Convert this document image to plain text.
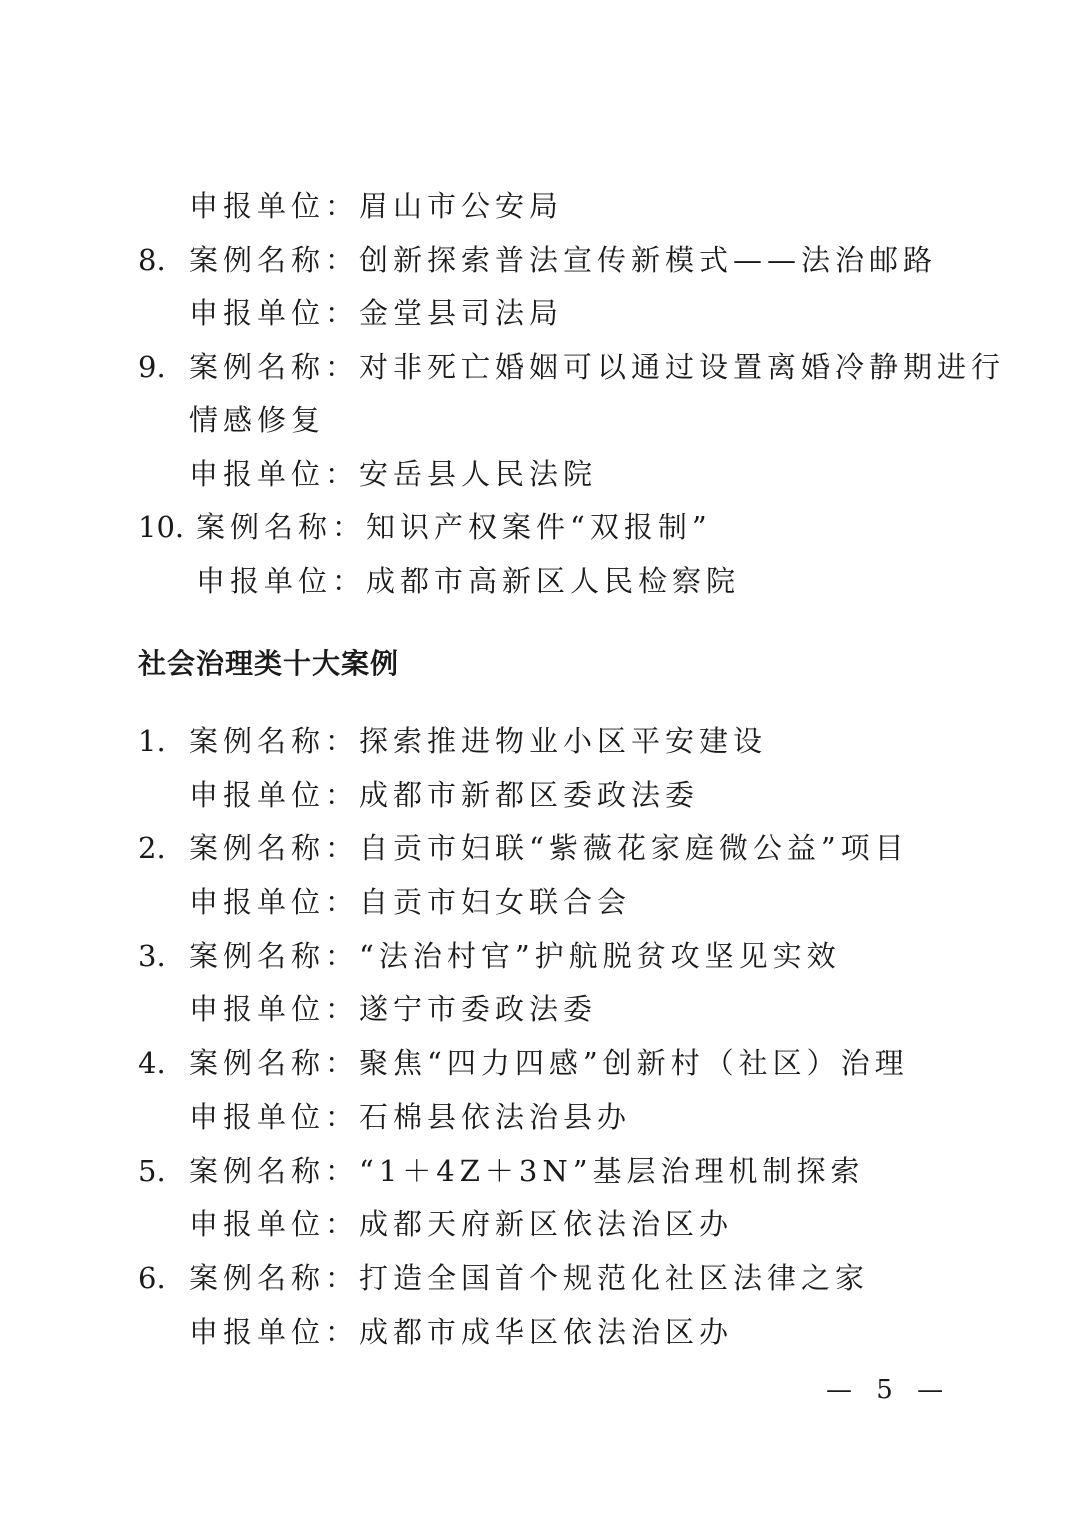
申报单位：眉山市公安局
8. 案例名称：创新探索普法宣传新模式——法治邮路
申报单位：金堂县司法局
9. 案例名称：对非死亡婚姻可以通过设置离婚冷静期进行
情感修复
申报单位：安岳县人民法院
10. 案例名称：知识产权案件“双报制”
申报单位：成都市高新区人民检察院
社会治理类十大案例
1. 案例名称：探索推进物业小区平安建设
申报单位：成都市新都区委政法委
2. 案例名称：自贡市妇联“紫薇花家庭微公益”项目
申报单位：自贡市妇女联合会
3. 案例名称：“法治村官”护航脱贫攻坚见实效
申报单位：遂宁市委政法委
4. 案例名称：聚焦“四力四感”创新村（社区）治理
申报单位：石棉县依法治县办
5. 案例名称：“1＋4Z＋3N”基层治理机制探索
申报单位：成都天府新区依法治区办
6. 案例名称：打造全国首个规范化社区法律之家
申报单位：成都市成华区依法治区办
— 5 —
